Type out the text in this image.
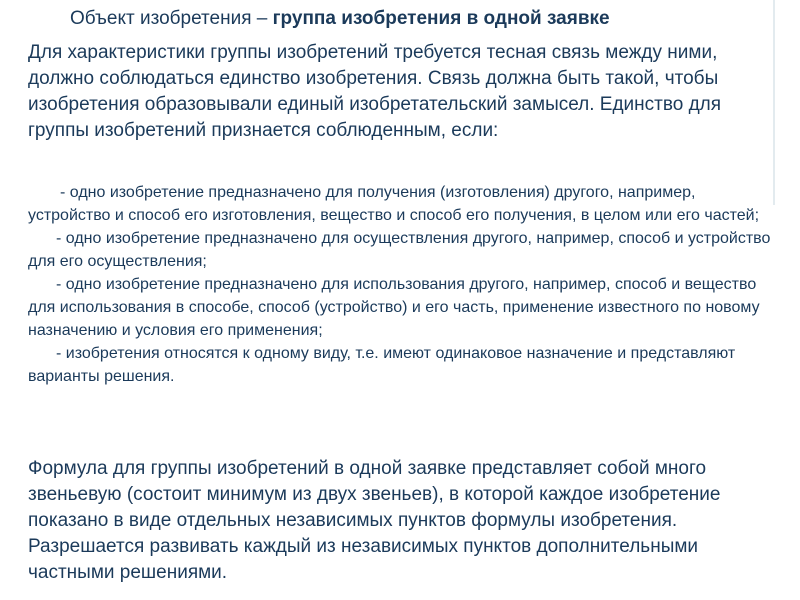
Объект изобретения – группа изобретения в одной заявке

Для характеристики группы изобретений требуется тесная связь между ними, должно соблюдаться единство изобретения. Связь должна быть такой, чтобы изобретения образовывали единый изобретательский замысел. Единство для группы изобретений признается соблюденным, если:

- одно изобретение предназначено для получения (изготовления) другого, например, устройство и способ его изготовления, вещество и способ его получения, в целом или его частей;

- одно изобретение предназначено для осуществления другого, например, способ и устройство для его осуществления;

- одно изобретение предназначено для использования другого, например, способ и вещество для использования в способе, способ (устройство) и его часть, применение известного по новому назначению и условия его применения;

- изобретения относятся к одному виду, т.е. имеют одинаковое назначение и представляют варианты решения.

Формула для группы изобретений в одной заявке представляет собой много звеньевую (состоит минимум из двух звеньев), в которой каждое изобретение показано в виде отдельных независимых пунктов формулы изобретения. Разрешается развивать каждый из независимых пунктов дополнительными частными решениями.
